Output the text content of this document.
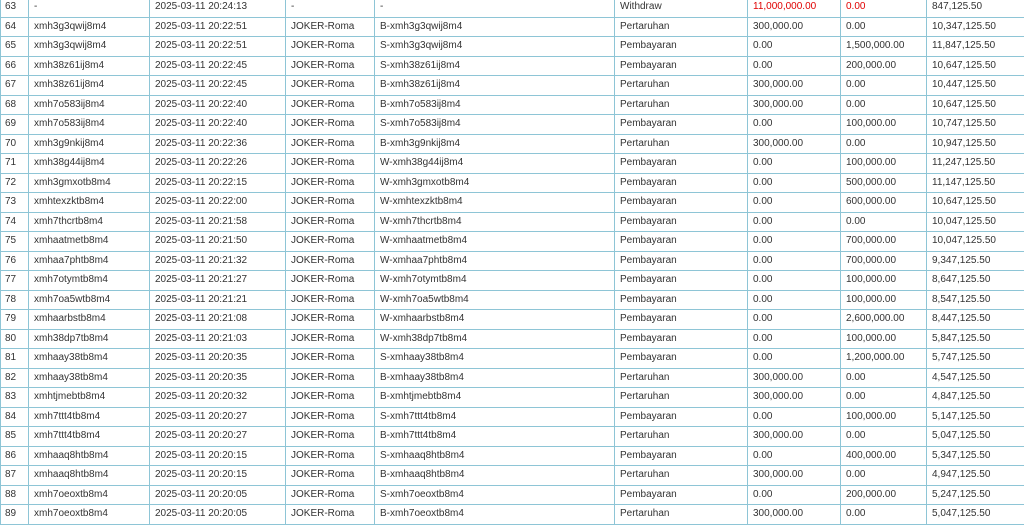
63	-	2025-03-11 20:24:13	-	-	Withdraw	11,000,000.00	0.00	847,125.50
64	xmh3g3qwij8m4	2025-03-11 20:22:51	JOKER-Roma	B-xmh3g3qwij8m4	Pertaruhan	300,000.00	0.00	10,347,125.50
65	xmh3g3qwij8m4	2025-03-11 20:22:51	JOKER-Roma	S-xmh3g3qwij8m4	Pembayaran	0.00	1,500,000.00	11,847,125.50
66	xmh38z61ij8m4	2025-03-11 20:22:45	JOKER-Roma	S-xmh38z61ij8m4	Pembayaran	0.00	200,000.00	10,647,125.50
67	xmh38z61ij8m4	2025-03-11 20:22:45	JOKER-Roma	B-xmh38z61ij8m4	Pertaruhan	300,000.00	0.00	10,447,125.50
68	xmh7o583ij8m4	2025-03-11 20:22:40	JOKER-Roma	B-xmh7o583ij8m4	Pertaruhan	300,000.00	0.00	10,647,125.50
69	xmh7o583ij8m4	2025-03-11 20:22:40	JOKER-Roma	S-xmh7o583ij8m4	Pembayaran	0.00	100,000.00	10,747,125.50
70	xmh3g9nkij8m4	2025-03-11 20:22:36	JOKER-Roma	B-xmh3g9nkij8m4	Pertaruhan	300,000.00	0.00	10,947,125.50
71	xmh38g44ij8m4	2025-03-11 20:22:26	JOKER-Roma	W-xmh38g44ij8m4	Pembayaran	0.00	100,000.00	11,247,125.50
72	xmh3gmxotb8m4	2025-03-11 20:22:15	JOKER-Roma	W-xmh3gmxotb8m4	Pembayaran	0.00	500,000.00	11,147,125.50
73	xmhtexzktb8m4	2025-03-11 20:22:00	JOKER-Roma	W-xmhtexzktb8m4	Pembayaran	0.00	600,000.00	10,647,125.50
74	xmh7thcrtb8m4	2025-03-11 20:21:58	JOKER-Roma	W-xmh7thcrtb8m4	Pembayaran	0.00	0.00	10,047,125.50
75	xmhaatmetb8m4	2025-03-11 20:21:50	JOKER-Roma	W-xmhaatmetb8m4	Pembayaran	0.00	700,000.00	10,047,125.50
76	xmhaa7phtb8m4	2025-03-11 20:21:32	JOKER-Roma	W-xmhaa7phtb8m4	Pembayaran	0.00	700,000.00	9,347,125.50
77	xmh7otymtb8m4	2025-03-11 20:21:27	JOKER-Roma	W-xmh7otymtb8m4	Pembayaran	0.00	100,000.00	8,647,125.50
78	xmh7oa5wtb8m4	2025-03-11 20:21:21	JOKER-Roma	W-xmh7oa5wtb8m4	Pembayaran	0.00	100,000.00	8,547,125.50
79	xmhaarbstb8m4	2025-03-11 20:21:08	JOKER-Roma	W-xmhaarbstb8m4	Pembayaran	0.00	2,600,000.00	8,447,125.50
80	xmh38dp7tb8m4	2025-03-11 20:21:03	JOKER-Roma	W-xmh38dp7tb8m4	Pembayaran	0.00	100,000.00	5,847,125.50
81	xmhaay38tb8m4	2025-03-11 20:20:35	JOKER-Roma	S-xmhaay38tb8m4	Pembayaran	0.00	1,200,000.00	5,747,125.50
82	xmhaay38tb8m4	2025-03-11 20:20:35	JOKER-Roma	B-xmhaay38tb8m4	Pertaruhan	300,000.00	0.00	4,547,125.50
83	xmhtjmebtb8m4	2025-03-11 20:20:32	JOKER-Roma	B-xmhtjmebtb8m4	Pertaruhan	300,000.00	0.00	4,847,125.50
84	xmh7ttt4tb8m4	2025-03-11 20:20:27	JOKER-Roma	S-xmh7ttt4tb8m4	Pembayaran	0.00	100,000.00	5,147,125.50
85	xmh7ttt4tb8m4	2025-03-11 20:20:27	JOKER-Roma	B-xmh7ttt4tb8m4	Pertaruhan	300,000.00	0.00	5,047,125.50
86	xmhaaq8htb8m4	2025-03-11 20:20:15	JOKER-Roma	S-xmhaaq8htb8m4	Pembayaran	0.00	400,000.00	5,347,125.50
87	xmhaaq8htb8m4	2025-03-11 20:20:15	JOKER-Roma	B-xmhaaq8htb8m4	Pertaruhan	300,000.00	0.00	4,947,125.50
88	xmh7oeoxtb8m4	2025-03-11 20:20:05	JOKER-Roma	S-xmh7oeoxtb8m4	Pembayaran	0.00	200,000.00	5,247,125.50
89	xmh7oeoxtb8m4	2025-03-11 20:20:05	JOKER-Roma	B-xmh7oeoxtb8m4	Pertaruhan	300,000.00	0.00	5,047,125.50
